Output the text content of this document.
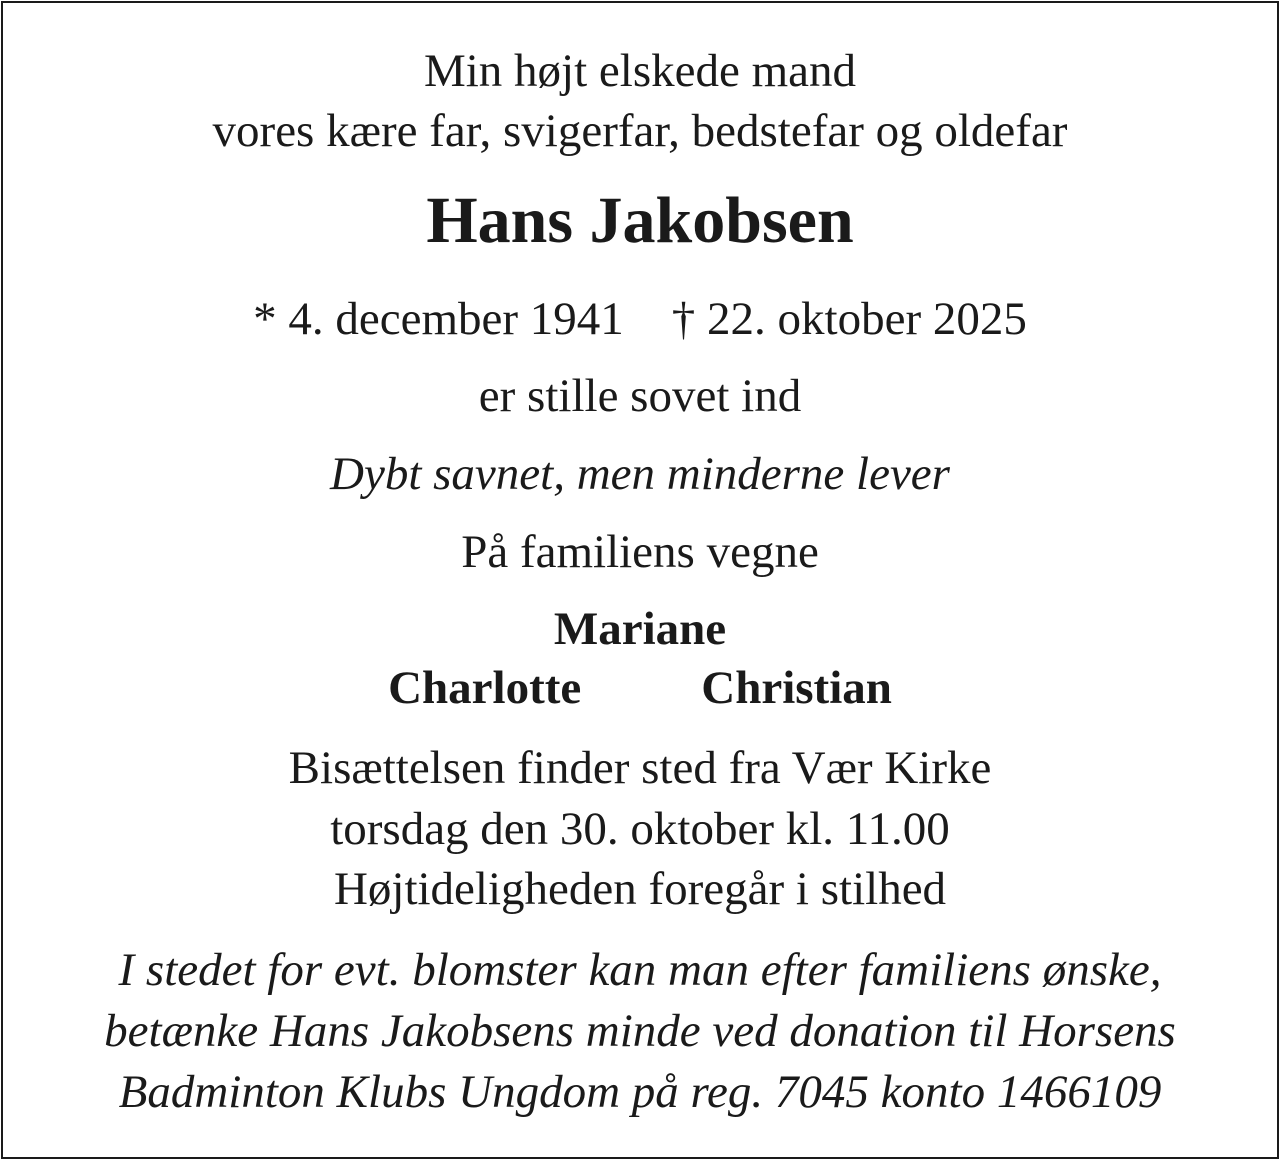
Min højt elskede mand
vores kære far, svigerfar, bedstefar og oldefar
Hans Jakobsen
* 4. december 1941 † 22. oktober 2025
er stille sovet ind
Dybt savnet, men minderne lever
På familiens vegne
Mariane
Charlotte	Christian
Bisættelsen finder sted fra Vær Kirke
torsdag den 30. oktober kl. 11.00
Højtideligheden foregår i stilhed
I stedet for evt. blomster kan man efter familiens ønske,
betænke Hans Jakobsens minde ved donation til Horsens
Badminton Klubs Ungdom på reg. 7045 konto 1466109
